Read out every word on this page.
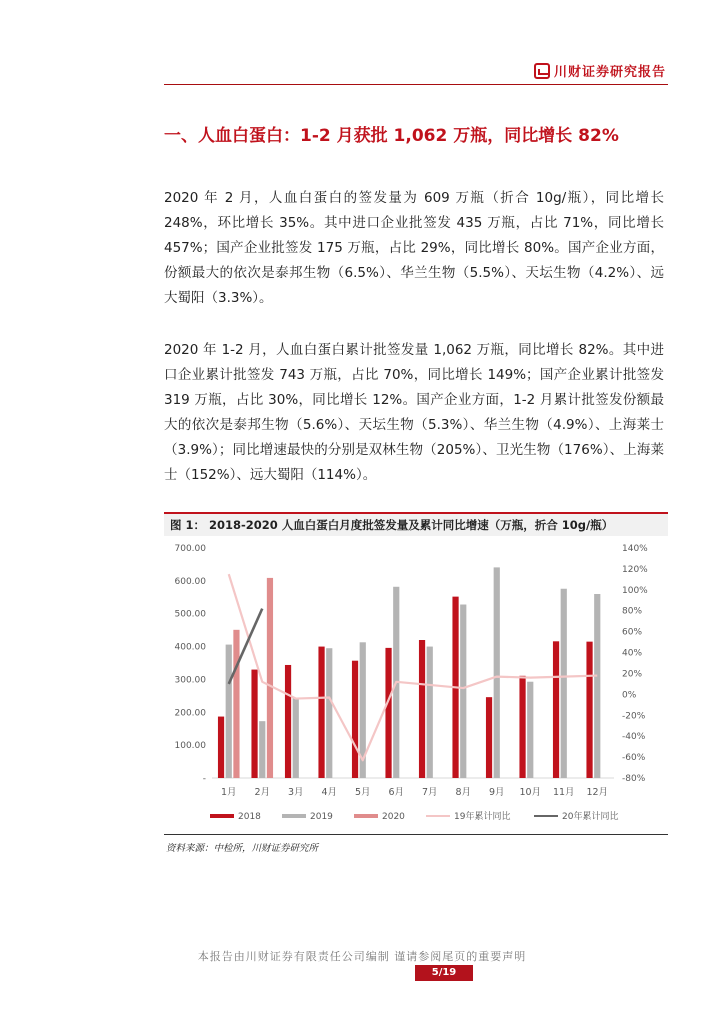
川财证券研究报告
一、人血白蛋白：1-2 月获批 1,062 万瓶，同比增长 82%

2020 年 2 月，人血白蛋白的签发量为 609 万瓶（折合 10g/瓶），同比增长 248%，环比增长 35%。其中进口企业批签发 435 万瓶，占比 71%，同比增长 457%；国产企业批签发 175 万瓶，占比 29%，同比增长 80%。国产企业方面，份额最大的依次是泰邦生物（6.5%）、华兰生物（5.5%）、天坛生物（4.2%）、远大蜀阳（3.3%）。

2020 年 1-2 月，人血白蛋白累计批签发量 1,062 万瓶，同比增长 82%。其中进口企业累计批签发 743 万瓶，占比 70%，同比增长 149%；国产企业累计批签发 319 万瓶，占比 30%，同比增长 12%。国产企业方面，1-2 月累计批签发份额最大的依次是泰邦生物（5.6%）、天坛生物（5.3%）、华兰生物（4.9%）、上海莱士（3.9%）；同比增速最快的分别是双林生物（205%）、卫光生物（176%）、上海莱士（152%）、远大蜀阳（114%）。

图 1： 2018-2020 人血白蛋白月度批签发量及累计同比增速（万瓶，折合 10g/瓶）
-
100.00
200.00
300.00
400.00
500.00
600.00
700.00
-80%
-60%
-40%
-20%
0%
20%
40%
60%
80%
100%
120%
140%
1月 2月 3月 4月 5月 6月 7月 8月 9月 10月 11月 12月
2018	2019	2020	19年累计同比	20年累计同比
资料来源：中检所，川财证券研究所
本报告由川财证券有限责任公司编制 谨请参阅尾页的重要声明
5/19
